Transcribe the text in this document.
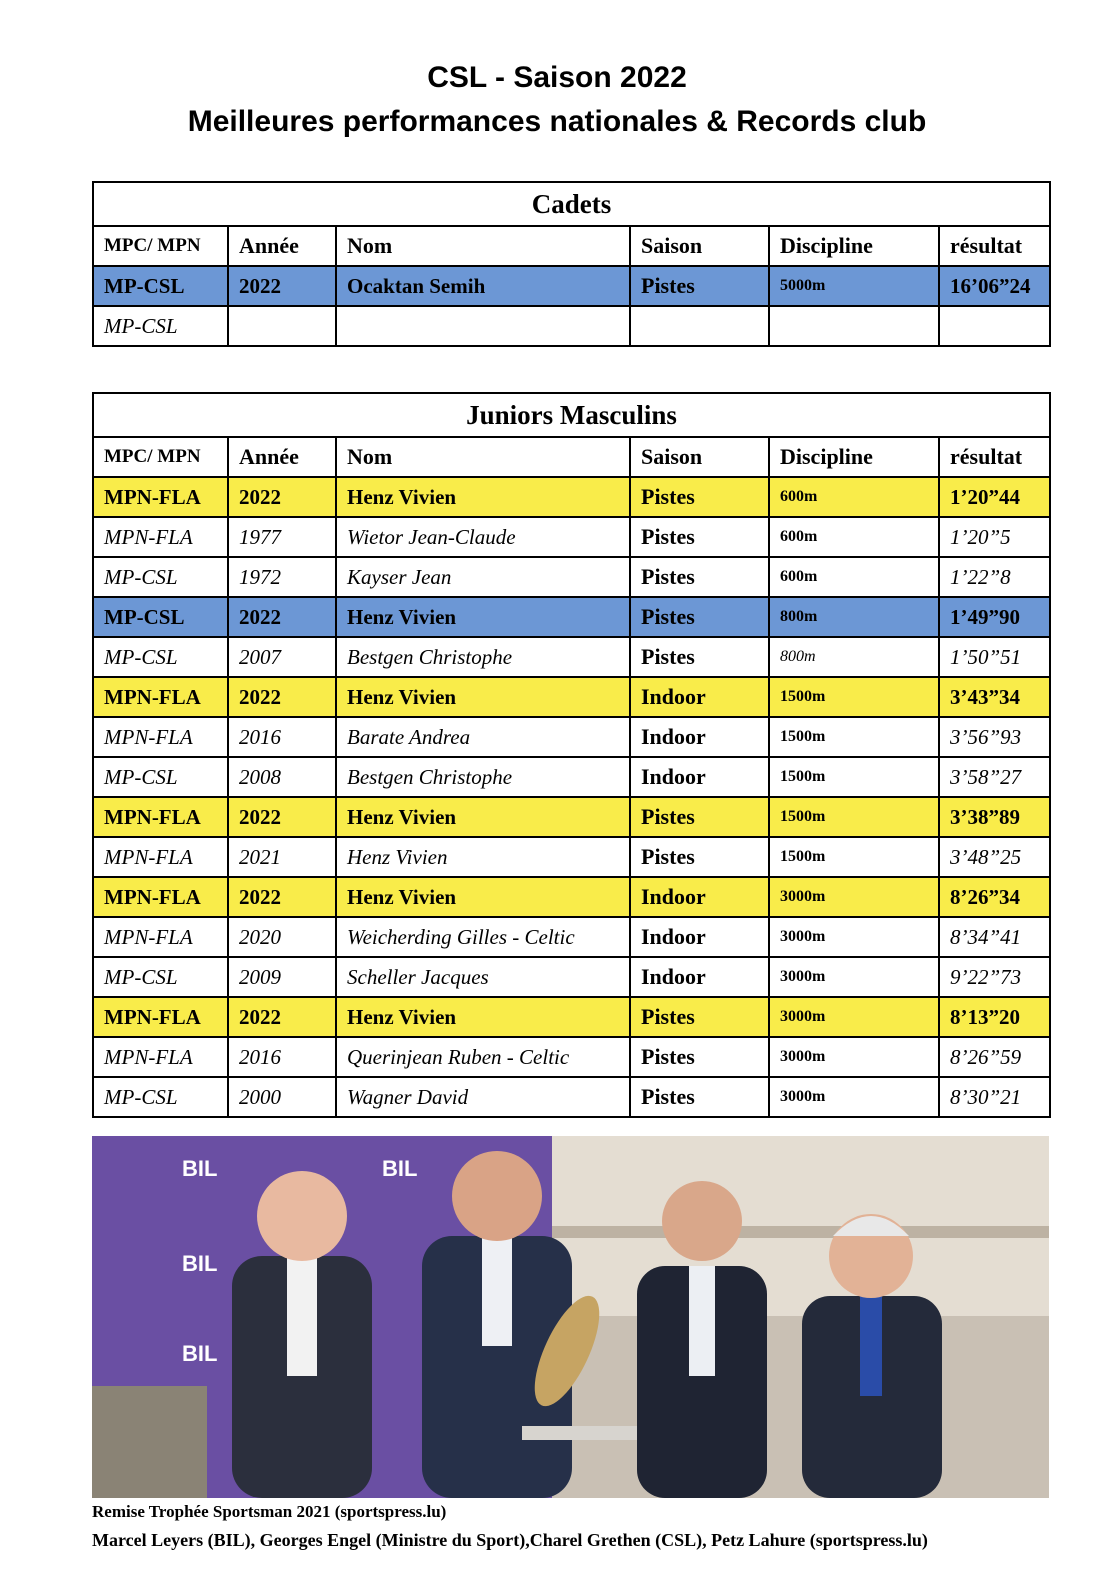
CSL - Saison 2022
Meilleures performances nationales & Records club
Cadets					
MPC/ MPN	Année	Nom	Saison	Discipline	résultat
MP-CSL	2022	Ocaktan Semih	Pistes	5000m	16’06”24
MP-CSL					
Juniors Masculins					
MPC/ MPN	Année	Nom	Saison	Discipline	résultat
MPN-FLA	2022	Henz Vivien	Pistes	600m	1’20”44
MPN-FLA	1977	Wietor Jean-Claude	Pistes	600m	1’20”5
MP-CSL	1972	Kayser Jean	Pistes	600m	1’22”8
MP-CSL	2022	Henz Vivien	Pistes	800m	1’49”90
MP-CSL	2007	Bestgen Christophe	Pistes	800m	1’50”51
MPN-FLA	2022	Henz Vivien	Indoor	1500m	3’43”34
MPN-FLA	2016	Barate Andrea	Indoor	1500m	3’56”93
MP-CSL	2008	Bestgen Christophe	Indoor	1500m	3’58”27
MPN-FLA	2022	Henz Vivien	Pistes	1500m	3’38”89
MPN-FLA	2021	Henz Vivien	Pistes	1500m	3’48”25
MPN-FLA	2022	Henz Vivien	Indoor	3000m	8’26”34
MPN-FLA	2020	Weicherding Gilles - Celtic	Indoor	3000m	8’34”41
MP-CSL	2009	Scheller Jacques	Indoor	3000m	9’22”73
MPN-FLA	2022	Henz Vivien	Pistes	3000m	8’13”20
MPN-FLA	2016	Querinjean Ruben - Celtic	Pistes	3000m	8’26”59
MP-CSL	2000	Wagner David	Pistes	3000m	8’30”21
BIL	BIL
BIL
BIL
Remise Trophée Sportsman 2021 (sportspress.lu)
Marcel Leyers (BIL), Georges Engel (Ministre du Sport),Charel Grethen (CSL), Petz Lahure (sportspress.lu)
